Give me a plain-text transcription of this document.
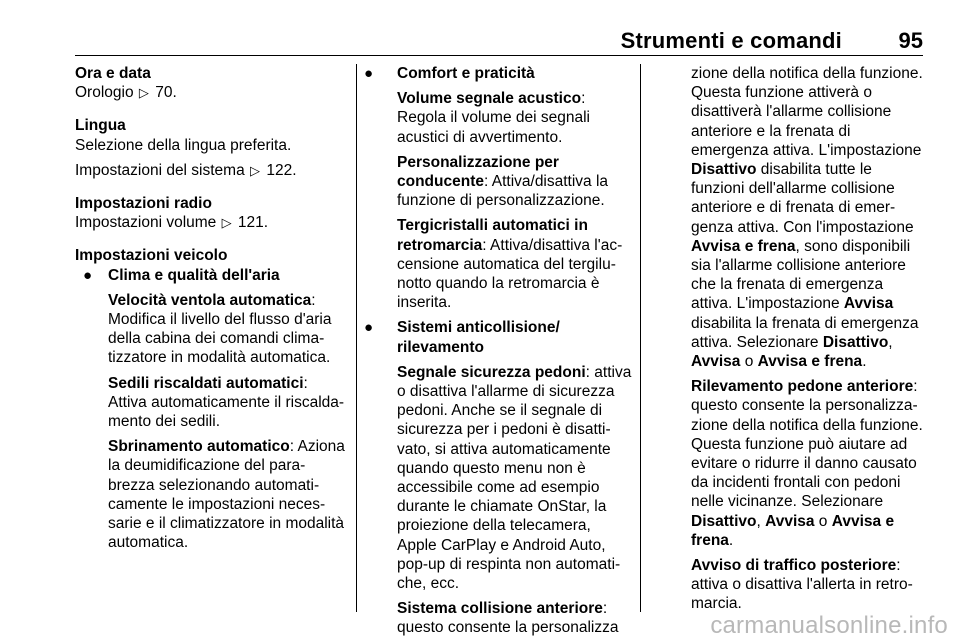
Strumenti e comandi	95
Ora e data

Orologio ▷ 70.

Lingua

Selezione della lingua preferita.

Impostazioni del sistema ▷ 122.

Impostazioni radio

Impostazioni volume ▷ 121.

Impostazioni veicolo
● Clima e qualità dell'aria

Velocità ventola automatica: Modifica il livello del flusso d'aria della cabina dei comandi climatizzatore in modalità automatica.

Sedili riscaldati automatici: Attiva automaticamente il riscaldamento dei sedili.

Sbrinamento automatico: Aziona la deumidificazione del parabrezza selezionando automaticamente le impostazioni necessarie e il climatizzatore in modalità automatica.

● Comfort e praticità

Volume segnale acustico: Regola il volume dei segnali acustici di avvertimento.

Personalizzazione per conducente: Attiva/disattiva la funzione di personalizzazione.

Tergicristalli automatici in retromarcia: Attiva/disattiva l'accensione automatica del tergilunotto quando la retromarcia è inserita.

● Sistemi anticollisione/ rilevamento

Segnale sicurezza pedoni: attiva o disattiva l'allarme di sicurezza pedoni. Anche se il segnale di sicurezza per i pedoni è disattivato, si attiva automaticamente quando questo menu non è accessibile come ad esempio durante le chiamate OnStar, la proiezione della telecamera, Apple CarPlay e Android Auto, pop-up di respinta non automatiche, ecc.

Sistema collisione anteriore: questo consente la personalizza

zione della notifica della funzione. Questa funzione attiverà o disattiverà l'allarme collisione anteriore e la frenata di emergenza attiva. L'impostazione Disattivo disabilita tutte le funzioni dell'allarme collisione anteriore e di frenata di emergenza attiva. Con l'impostazione Avvisa e frena, sono disponibili sia l'allarme collisione anteriore che la frenata di emergenza attiva. L'impostazione Avvisa disabilita la frenata di emergenza attiva. Selezionare Disattivo, Avvisa o Avvisa e frena.

Rilevamento pedone anteriore: questo consente la personalizzazione della notifica della funzione. Questa funzione può aiutare ad evitare o ridurre il danno causato da incidenti frontali con pedoni nelle vicinanze. Selezionare Disattivo, Avvisa o Avvisa e frena.

Avviso di traffico posteriore: attiva o disattiva l'allerta in retromarcia.

carmanualsonline.info
